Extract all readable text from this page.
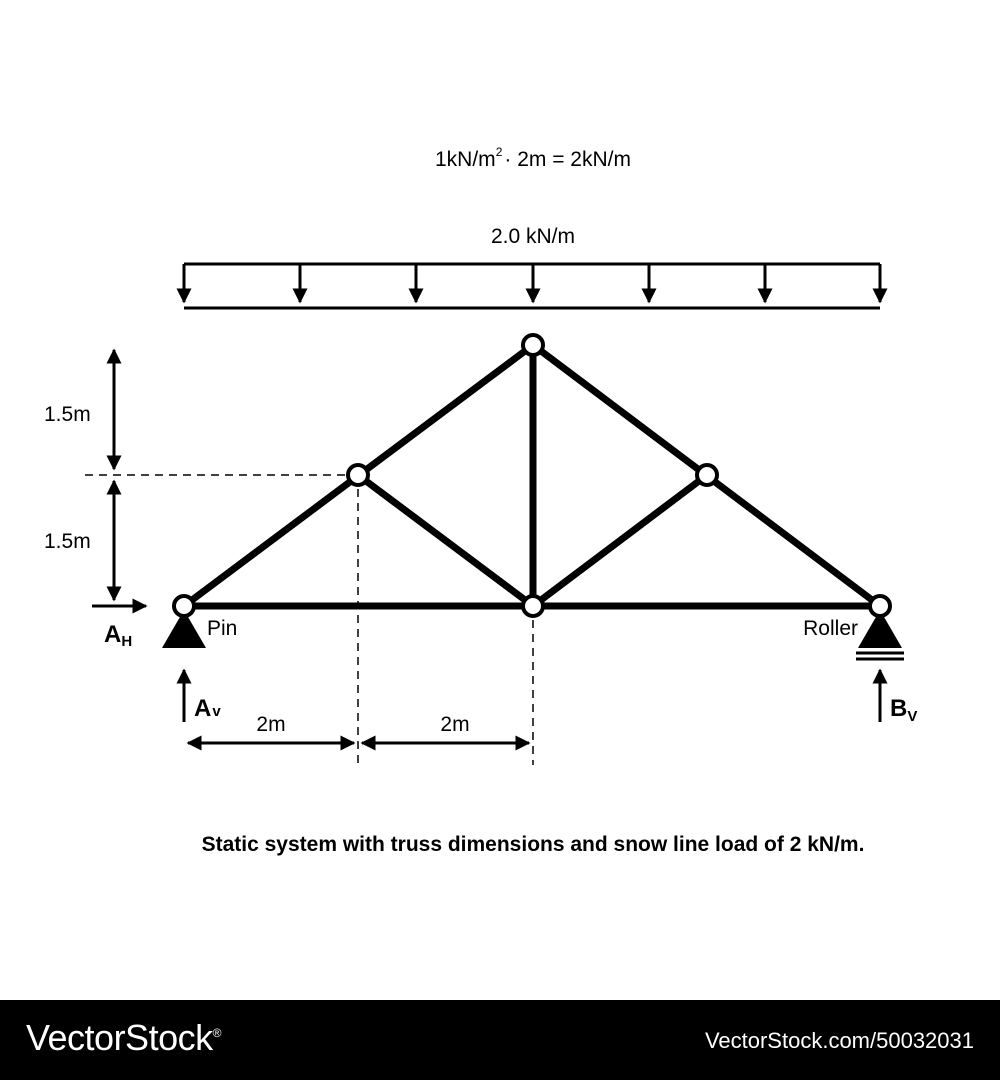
$1kN/m^2\cdot 2m = 2kN/m$
2.0 kN/m
1.5m
1.5m
Pin	Roller
AH
Av	BV
2m	2m
Static system with truss dimensions and snow line load of 2 kN/m.
VectorStock®	VectorStock.com/50032031
